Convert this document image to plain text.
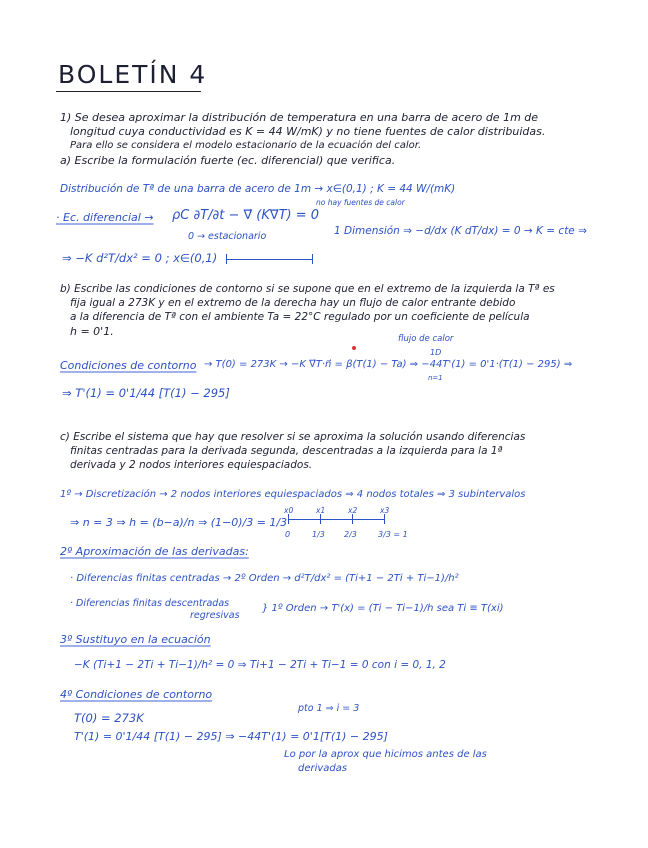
BOLETÍN 4
1) Se desea aproximar la distribución de temperatura en una barra de acero de 1m de
longitud cuya conductividad es K = 44 W/mK) y no tiene fuentes de calor distribuidas.
Para ello se considera el modelo estacionario de la ecuación del calor.
a) Escribe la formulación fuerte (ec. diferencial) que verifica.
Distribución de Tª de una barra de acero de 1m → x∈(0,1) ; K = 44 W/(mK)
· Ec. diferencial → ρC ∂T/∂t − ∇⃗ (K∇⃗T) = 0
no hay fuentes de calor
0 → estacionario	1 Dimensión ⇒ −d/dx (K dT/dx) = 0 → K = cte ⇒
⇒ −K d²T/dx² = 0 ; x∈(0,1)
b) Escribe las condiciones de contorno si se supone que en el extremo de la izquierda la Tª es
fija igual a 273K y en el extremo de la derecha hay un flujo de calor entrante debido
a la diferencia de Tª con el ambiente Ta = 22°C regulado por un coeficiente de película
h = 0'1.
flujo de calor
1D
Condiciones de contorno → T(0) = 273K → −K ∇⃗T·n⃗ = β(T(1) − Ta) ⇒ −44T'(1) = 0'1·(T(1) − 295) ⇒
n=1
⇒ T'(1) = 0'1/44 [T(1) − 295]
c) Escribe el sistema que hay que resolver si se aproxima la solución usando diferencias
finitas centradas para la derivada segunda, descentradas a la izquierda para la 1ª
derivada y 2 nodos interiores equiespaciados.
1º → Discretización → 2 nodos interiores equiespaciados ⇒ 4 nodos totales ⇒ 3 subintervalos
⇒ n = 3 ⇒ h = (b−a)/n ⇒ (1−0)/3 = 1/3
x0	x1	x2	x3
0	1/3 2/3	3/3 = 1
2º Aproximación de las derivadas:
· Diferencias finitas centradas → 2º Orden → d²T/dx² = (Ti+1 − 2Ti + Ti−1)/h²
· Diferencias finitas descentradas
regresivas
} 1º Orden → T'(x) = (Ti − Ti−1)/h sea Ti ≡ T(xi)
3º Sustituyo en la ecuación
−K (Ti+1 − 2Ti + Ti−1)/h² = 0 ⇒ Ti+1 − 2Ti + Ti−1 = 0 con i = 0, 1, 2
4º Condiciones de contorno
pto 1 ⇒ i = 3
T(0) = 273K
T'(1) = 0'1/44 [T(1) − 295] ⇒ −44T'(1) = 0'1[T(1) − 295]
Lo por la aprox que hicimos antes de las
derivadas
